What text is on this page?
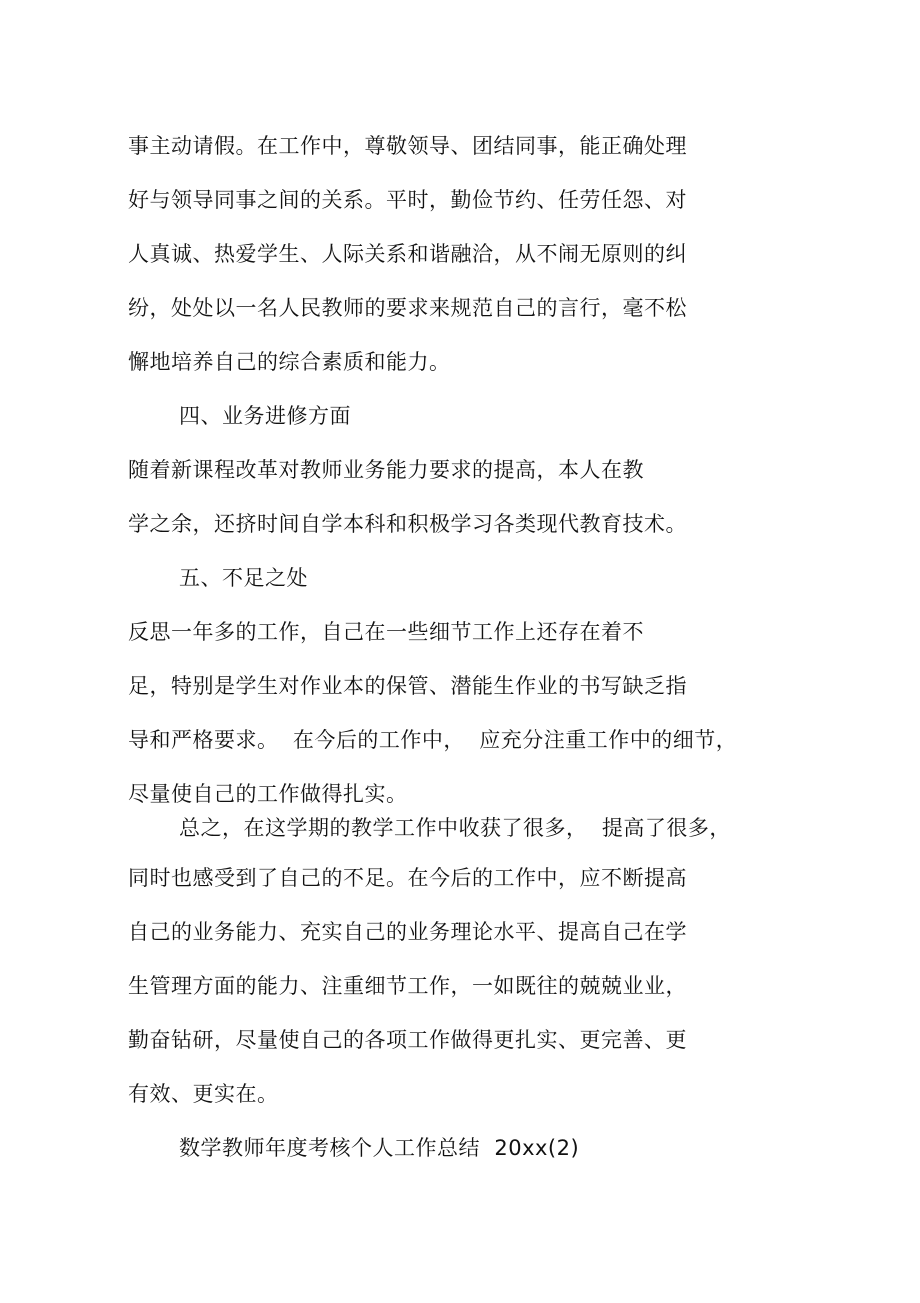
事主动请假。在工作中，尊敬领导、团结同事，能正确处理
好与领导同事之间的关系。平时，勤俭节约、任劳任怨、对
人真诚、热爱学生、人际关系和谐融洽，从不闹无原则的纠
纷，处处以一名人民教师的要求来规范自己的言行，毫不松
懈地培养自己的综合素质和能力。
四、业务进修方面
随着新课程改革对教师业务能力要求的提高，本人在教
学之余，还挤时间自学本科和积极学习各类现代教育技术。
五、不足之处
反思一年多的工作，自己在一些细节工作上还存在着不
足，特别是学生对作业本的保管、潜能生作业的书写缺乏指
导和严格要求。  在今后的工作中，  应充分注重工作中的细节，
尽量使自己的工作做得扎实。
总之，在这学期的教学工作中收获了很多，  提高了很多，
同时也感受到了自己的不足。在今后的工作中，应不断提高
自己的业务能力、充实自己的业务理论水平、提高自己在学
生管理方面的能力、注重细节工作，一如既往的兢兢业业，
勤奋钻研，尽量使自己的各项工作做得更扎实、更完善、更
有效、更实在。
数学教师年度考核个人工作总结  20xx(2)
